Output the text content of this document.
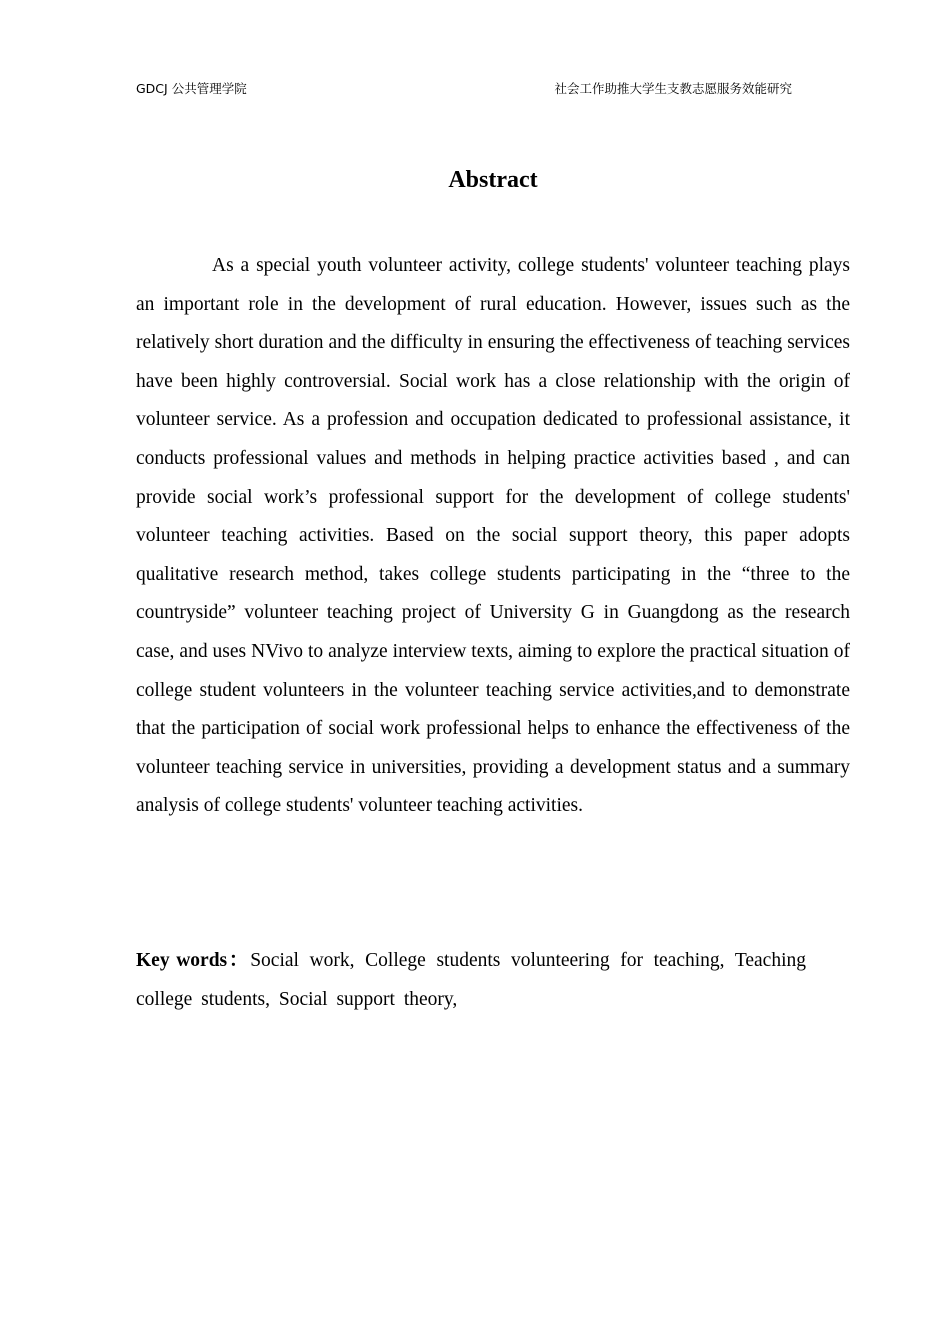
GDCJ 公共管理学院	社会工作助推大学生支教志愿服务效能研究
Abstract

As a special youth volunteer activity, college students' volunteer teaching plays an important role in the development of rural education. However, issues such as the relatively short duration and the difficulty in ensuring the effectiveness of teaching services have been highly controversial. Social work has a close relationship with the origin of volunteer service. As a profession and occupation dedicated to professional assistance, it conducts professional values and methods in helping practice activities based , and can provide social work’s professional support for the development of college students' volunteer teaching activities. Based on the social support theory, this paper adopts qualitative research method, takes college students participating in the “three to the countryside” volunteer teaching project of University G in Guangdong as the research case, and uses NVivo to analyze interview texts, aiming to explore the practical situation of college student volunteers in the volunteer teaching service activities,and to demonstrate that the participation of social work professional helps to enhance the effectiveness of the volunteer teaching service in universities, providing a development status and a summary analysis of college students' volunteer teaching activities.

Key words：Social work, College students volunteering for teaching, Teaching college students, Social support theory,
